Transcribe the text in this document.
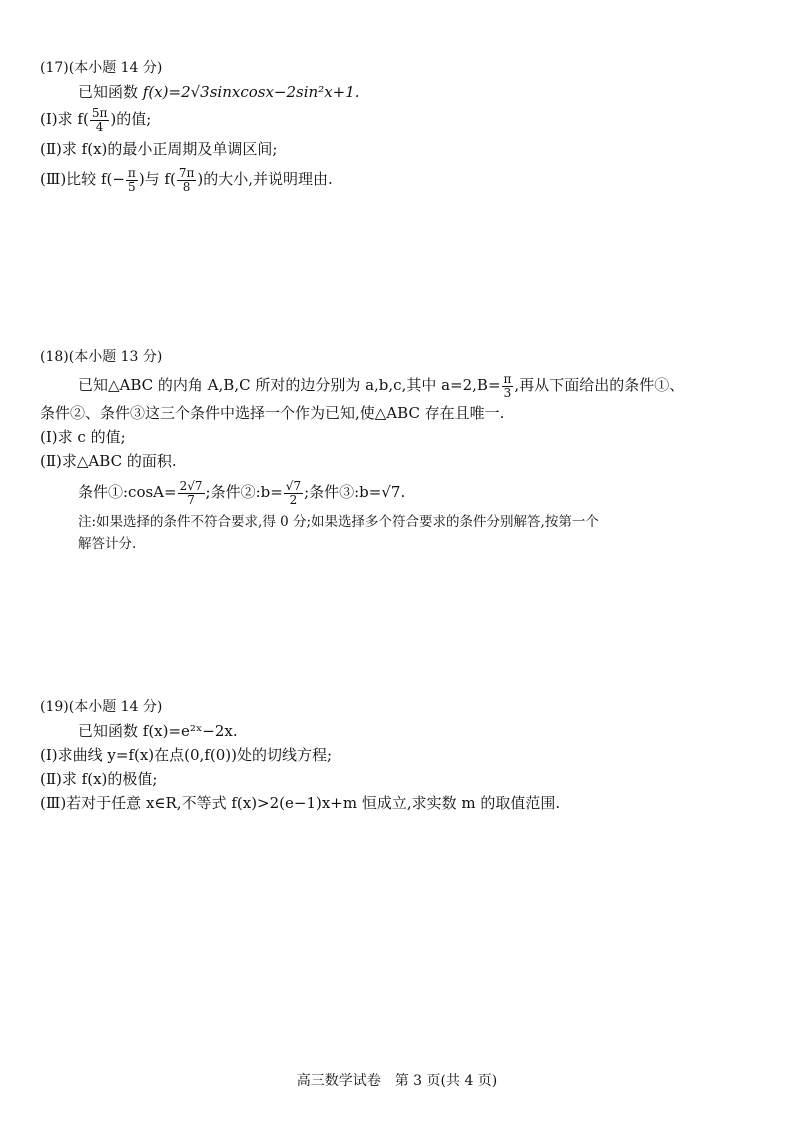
(17)(本小题 14 分)
已知函数 f(x)=2√3sinxcosx−2sin²x+1.
(Ⅰ)求 $f( \frac{5\pi}{4}$ )的值;
(Ⅱ)求 f(x)的最小正周期及单调区间;
(Ⅲ)比较 $f(- \frac{\pi}{5}$ )与 $f( \frac{7\pi}{8}$ )的大小,并说明理由.
(18)(本小题 13 分)
已知△ABC 的内角 A,B,C 所对的边分别为 a,b,c,其中 $a=2,B= \frac{\pi}{3}$ ,再从下面给出的条件①、
条件②、条件③这三个条件中选择一个作为已知,使△ABC 存在且唯一.
(Ⅰ)求 c 的值;
(Ⅱ)求△ABC 的面积.
条件①:cosA= $\frac{2√7}{7}$ ;条件②:b= $\frac{√7}{2}$ ;条件③:b=√7.
注:如果选择的条件不符合要求,得 0 分;如果选择多个符合要求的条件分别解答,按第一个
解答计分.
(19)(本小题 14 分)
已知函数 f(x)=e²ˣ−2x.
(Ⅰ)求曲线 y=f(x)在点(0,f(0))处的切线方程;
(Ⅱ)求 f(x)的极值;
(Ⅲ)若对于任意 x∈R,不等式 f(x)>2(e−1)x+m 恒成立,求实数 m 的取值范围.
高三数学试卷　第 3 页(共 4 页)
